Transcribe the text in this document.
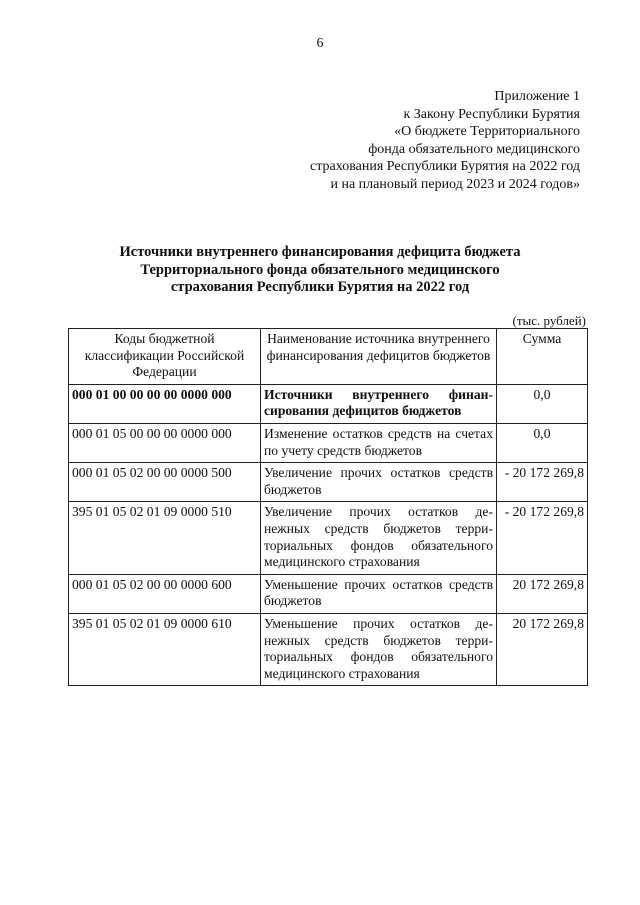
6
Приложение 1
к Закону Республики Бурятия
«О бюджете Территориального
фонда обязательного медицинского
страхования Республики Бурятия на 2022 год
и на плановый период 2023 и 2024 годов»
Источники внутреннего финансирования дефицита бюджета
Территориального фонда обязательного медицинского
страхования Республики Бурятия на 2022 год
(тыс. рублей)
Коды бюджетной классификации Российской Федерации	Наименование источника внутреннего финансирования дефицитов бюджетов	Сумма
000 01 00 00 00 00 0000 000	Источники внутреннего финан-сирования дефицитов бюджетов	0,0
000 01 05 00 00 00 0000 000	Изменение остатков средств на счетах по учету средств бюджетов	0,0
000 01 05 02 00 00 0000 500	Увеличение прочих остатков средств бюджетов	- 20 172 269,8
395 01 05 02 01 09 0000 510	Увеличение прочих остатков де-нежных средств бюджетов терри-ториальных фондов обязательного медицинского страхования	- 20 172 269,8
000 01 05 02 00 00 0000 600	Уменьшение прочих остатков средств бюджетов	20 172 269,8
395 01 05 02 01 09 0000 610	Уменьшение прочих остатков де-нежных средств бюджетов терри-ториальных фондов обязательного медицинского страхования	20 172 269,8
